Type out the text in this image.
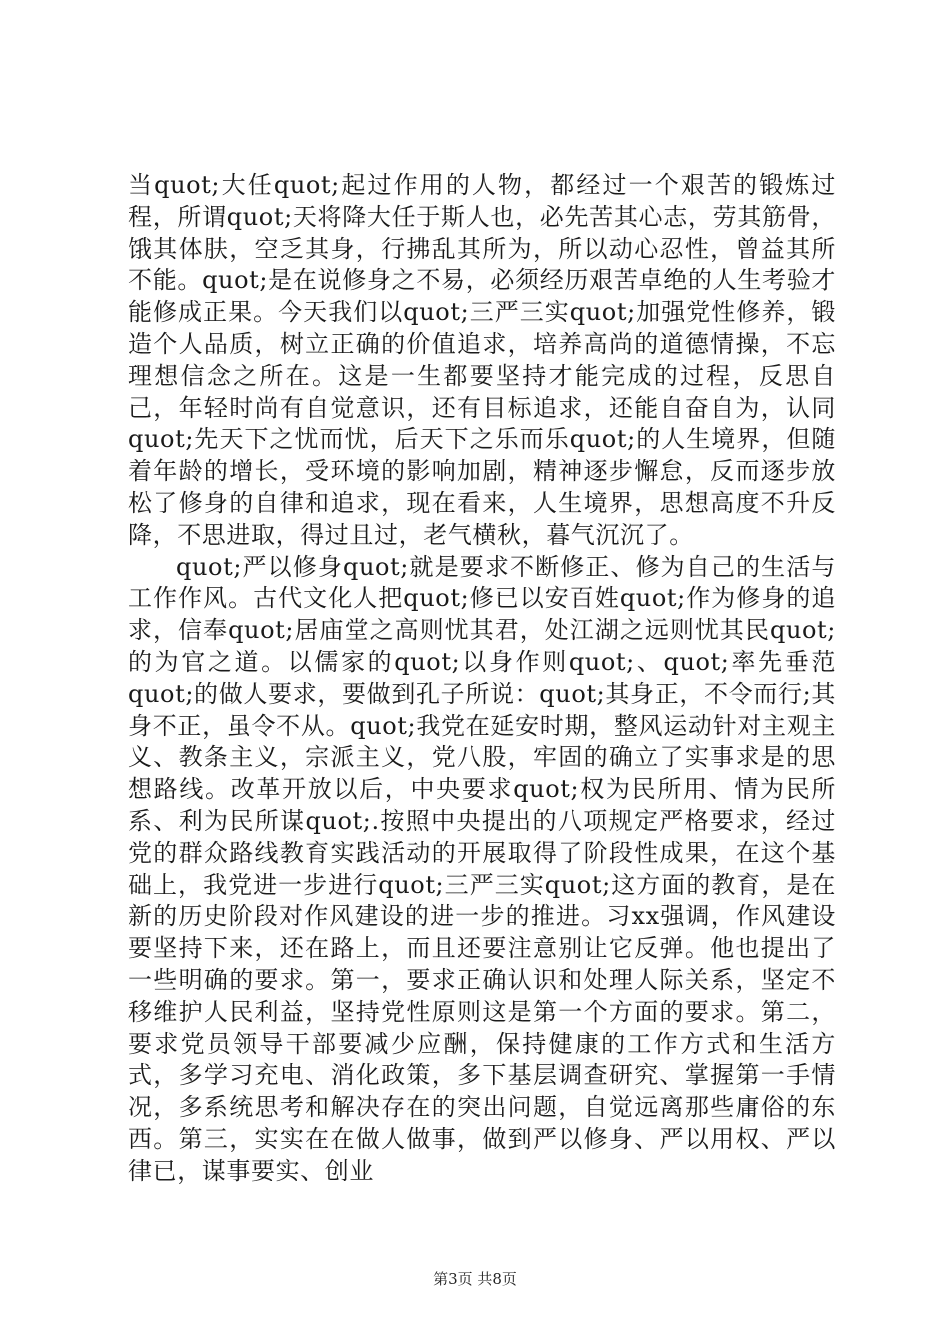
当quot;大任quot;起过作用的人物，都经过一个艰苦的锻炼过程，所谓quot;天将降大任于斯人也，必先苦其心志，劳其筋骨，饿其体肤，空乏其身，行拂乱其所为，所以动心忍性，曾益其所不能。quot;是在说修身之不易，必须经历艰苦卓绝的人生考验才能修成正果。今天我们以quot;三严三实quot;加强党性修养，锻造个人品质，树立正确的价值追求，培养高尚的道德情操，不忘理想信念之所在。这是一生都要坚持才能完成的过程，反思自己，年轻时尚有自觉意识，还有目标追求，还能自奋自为，认同quot;先天下之忧而忧，后天下之乐而乐quot;的人生境界，但随着年龄的增长，受环境的影响加剧，精神逐步懈怠，反而逐步放松了修身的自律和追求，现在看来，人生境界，思想高度不升反降，不思进取，得过且过，老气横秋，暮气沉沉了。

quot;严以修身quot;就是要求不断修正、修为自己的生活与工作作风。古代文化人把quot;修已以安百姓quot;作为修身的追求，信奉quot;居庙堂之高则忧其君，处江湖之远则忧其民quot;的为官之道。以儒家的quot;以身作则quot;、quot;率先垂范quot;的做人要求，要做到孔子所说：quot;其身正，不令而行;其身不正，虽令不从。quot;我党在延安时期，整风运动针对主观主义、教条主义，宗派主义，党八股，牢固的确立了实事求是的思想路线。改革开放以后，中央要求quot;权为民所用、情为民所系、利为民所谋quot;.按照中央提出的八项规定严格要求，经过党的群众路线教育实践活动的开展取得了阶段性成果，在这个基础上，我党进一步进行quot;三严三实quot;这方面的教育，是在新的历史阶段对作风建设的进一步的推进。习xx强调，作风建设要坚持下来，还在路上，而且还要注意别让它反弹。他也提出了一些明确的要求。第一，要求正确认识和处理人际关系，坚定不移维护人民利益，坚持党性原则这是第一个方面的要求。第二，要求党员领导干部要减少应酬，保持健康的工作方式和生活方式，多学习充电、消化政策，多下基层调查研究、掌握第一手情况，多系统思考和解决存在的突出问题，自觉远离那些庸俗的东西。第三，实实在在做人做事，做到严以修身、严以用权、严以律已，谋事要实、创业

第3页 共8页
